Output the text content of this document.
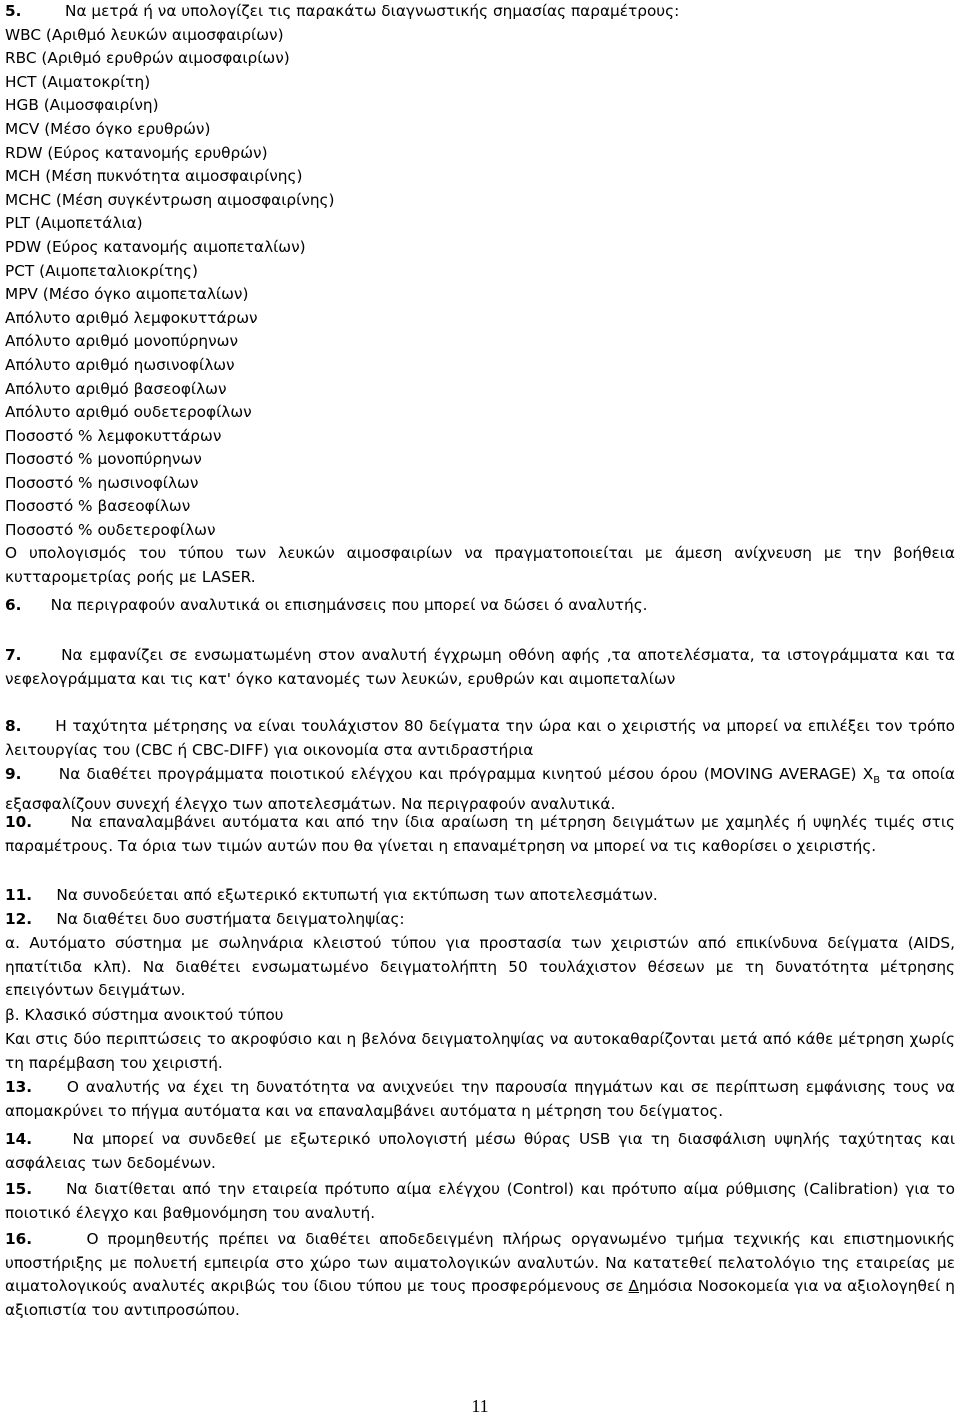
5.	Να μετρά ή να υπολογίζει τις παρακάτω διαγνωστικής σημασίας παραμέτρους:
WBC (Αριθμό λευκών αιμοσφαιρίων)
RBC (Αριθμό ερυθρών αιμοσφαιρίων)
HCT (Αιματοκρίτη)
HGB (Αιμοσφαιρίνη)
MCV (Μέσο όγκο ερυθρών)
RDW (Εύρος κατανομής ερυθρών)
MCH (Μέση πυκνότητα αιμοσφαιρίνης)
MCHC (Μέση συγκέντρωση αιμοσφαιρίνης)
PLT (Αιμοπετάλια)
PDW (Εύρος κατανομής αιμοπεταλίων)
PCT (Αιμοπεταλιοκρίτης)
MPV (Μέσο όγκο αιμοπεταλίων)
Απόλυτο αριθμό λεμφοκυττάρων
Απόλυτο αριθμό μονοπύρηνων
Απόλυτο αριθμό ηωσινοφίλων
Απόλυτο αριθμό βασεοφίλων
Απόλυτο αριθμό ουδετεροφίλων
Ποσοστό % λεμφοκυττάρων
Ποσοστό % μονοπύρηνων
Ποσοστό % ηωσινοφίλων
Ποσοστό % βασεοφίλων
Ποσοστό % ουδετεροφίλων
Ο υπολογισμός του τύπου των λευκών αιμοσφαιρίων να πραγματοποιείται με άμεση ανίχνευση με την βοήθεια κυτταρομετρίας ροής με LASER.
6. Να περιγραφούν αναλυτικά οι επισημάνσεις που μπορεί να δώσει ό αναλυτής.
7.	Να εμφανίζει σε ενσωματωμένη στον αναλυτή έγχρωμη οθόνη αφής ,τα αποτελέσματα, τα ιστογράμματα και τα νεφελογράμματα και τις κατ' όγκο κατανομές των λευκών, ερυθρών και αιμοπεταλίων
8. Η ταχύτητα μέτρησης να είναι τουλάχιστον 80 δείγματα την ώρα και ο χειριστής να μπορεί να επιλέξει τον τρόπο λειτουργίας του (CBC ή CBC-DIFF) για οικονομία στα αντιδραστήρια
9. Να διαθέτει προγράμματα ποιοτικού ελέγχου και πρόγραμμα κινητού μέσου όρου (MOVING AVERAGE) $X_B$ τα οποία εξασφαλίζουν συνεχή έλεγχο των αποτελεσμάτων. Να περιγραφούν αναλυτικά.
10.	Να επαναλαμβάνει αυτόματα και από την ίδια αραίωση τη μέτρηση δειγμάτων με χαμηλές ή υψηλές τιμές στις παραμέτρους. Τα όρια των τιμών αυτών που θα γίνεται η επαναμέτρηση να μπορεί να τις καθορίσει ο χειριστής.
11. Να συνοδεύεται από εξωτερικό εκτυπωτή για εκτύπωση των αποτελεσμάτων.
12. Να διαθέτει δυο συστήματα δειγματοληψίας:
α. Αυτόματο σύστημα με σωληνάρια κλειστού τύπου για προστασία των χειριστών από επικίνδυνα δείγματα (AIDS, ηπατίτιδα κλπ). Να διαθέτει ενσωματωμένο δειγματολήπτη 50 τουλάχιστον θέσεων με τη δυνατότητα μέτρησης επειγόντων δειγμάτων.
β. Κλασικό σύστημα ανοικτού τύπου
Και στις δύο περιπτώσεις το ακροφύσιο και η βελόνα δειγματοληψίας να αυτοκαθαρίζονται μετά από κάθε μέτρηση χωρίς τη παρέμβαση του χειριστή.
13. Ο αναλυτής να έχει τη δυνατότητα να ανιχνεύει την παρουσία πηγμάτων και σε περίπτωση εμφάνισης τους να απομακρύνει το πήγμα αυτόματα και να επαναλαμβάνει αυτόματα η μέτρηση του δείγματος.
14.	Να μπορεί να συνδεθεί με εξωτερικό υπολογιστή μέσω θύρας USB για τη διασφάλιση υψηλής ταχύτητας και ασφάλειας των δεδομένων.
15. Να διατίθεται από την εταιρεία πρότυπο αίμα ελέγχου (Control) και πρότυπο αίμα ρύθμισης (Calibration) για το ποιοτικό έλεγχο και βαθμονόμηση του αναλυτή.
16.	Ο προμηθευτής πρέπει να διαθέτει αποδεδειγμένη πλήρως οργανωμένο τμήμα τεχνικής και επιστημονικής υποστήριξης με πολυετή εμπειρία στο χώρο των αιματολογικών αναλυτών. Να κατατεθεί πελατολόγιο της εταιρείας με αιματολογικούς αναλυτές ακριβώς του ίδιου τύπου με τους προσφερόμενους σε Δημόσια Νοσοκομεία για να αξιολογηθεί η αξιοπιστία του αντιπροσώπου.
11
